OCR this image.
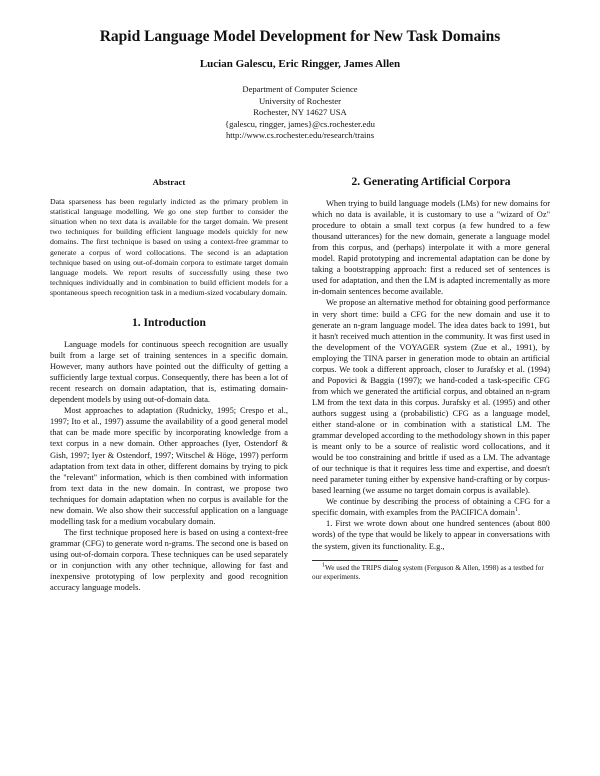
Rapid Language Model Development for New Task Domains
Lucian Galescu, Eric Ringger, James Allen
Department of Computer Science
University of Rochester
Rochester, NY 14627 USA
{galescu, ringger, james}@cs.rochester.edu
http://www.cs.rochester.edu/research/trains
Abstract

Data sparseness has been regularly indicted as the primary problem in statistical language modelling. We go one step further to consider the situation when no text data is available for the target domain. We present two techniques for building efficient language models quickly for new domains. The first technique is based on using a context-free grammar to generate a corpus of word collocations. The second is an adaptation technique based on using out-of-domain corpora to estimate target domain language models. We report results of successfully using these two techniques individually and in combination to build efficient models for a spontaneous speech recognition task in a medium-sized vocabulary domain.

1. Introduction

Language models for continuous speech recognition are usually built from a large set of training sentences in a specific domain. However, many authors have pointed out the difficulty of getting a sufficiently large textual corpus. Consequently, there has been a lot of recent research on domain adaptation, that is, estimating domain-dependent models by using out-of-domain data.

Most approaches to adaptation (Rudnicky, 1995; Crespo et al., 1997; Ito et al., 1997) assume the availability of a good general model that can be made more specific by incorporating knowledge from a text corpus in a new domain. Other approaches (Iyer, Ostendorf & Gish, 1997; Iyer & Ostendorf, 1997; Witschel & Höge, 1997) perform adaptation from text data in other, different domains by trying to pick the "relevant" information, which is then combined with information from text data in the new domain. In contrast, we propose two techniques for domain adaptation when no corpus is available for the new domain. We also show their successful application on a language modelling task for a medium vocabulary domain.

The first technique proposed here is based on using a context-free grammar (CFG) to generate word n-grams. The second one is based on using out-of-domain corpora. These techniques can be used separately or in conjunction with any other technique, allowing for fast and inexpensive prototyping of low perplexity and good recognition accuracy language models.

2. Generating Artificial Corpora

When trying to build language models (LMs) for new domains for which no data is available, it is customary to use a "wizard of Oz" procedure to obtain a small text corpus (a few hundred to a few thousand utterances) for the new domain, generate a language model from this corpus, and (perhaps) interpolate it with a more general model. Rapid prototyping and incremental adaptation can be done by taking a bootstrapping approach: first a reduced set of sentences is used for adaptation, and then the LM is adapted incrementally as more in-domain sentences become available.

We propose an alternative method for obtaining good performance in very short time: build a CFG for the new domain and use it to generate an n-gram language model. The idea dates back to 1991, but it hasn't received much attention in the community. It was first used in the development of the VOYAGER system (Zue et al., 1991), by employing the TINA parser in generation mode to obtain an artificial corpus. We took a different approach, closer to Jurafsky et al. (1994) and Popovici & Baggia (1997); we hand-coded a task-specific CFG from which we generated the artificial corpus, and obtained an n-gram LM from the text data in this corpus. Jurafsky et al. (1995) and other authors suggest using a (probabilistic) CFG as a language model, either stand-alone or in combination with a statistical LM. The grammar developed according to the methodology shown in this paper is meant only to be a source of realistic word collocations, and it would be too constraining and brittle if used as a LM. The advantage of our technique is that it requires less time and expertise, and doesn't need parameter tuning either by expensive hand-crafting or by corpus-based learning (we assume no target domain corpus is available).

We continue by describing the process of obtaining a CFG for a specific domain, with examples from the PACIFICA domain$^1$.

1. First we wrote down about one hundred sentences (about 800 words) of the type that would be likely to appear in conversations with the system, given its functionality. E.g.,

$^1$We used the TRIPS dialog system (Ferguson & Allen, 1998) as a testbed for our experiments.
